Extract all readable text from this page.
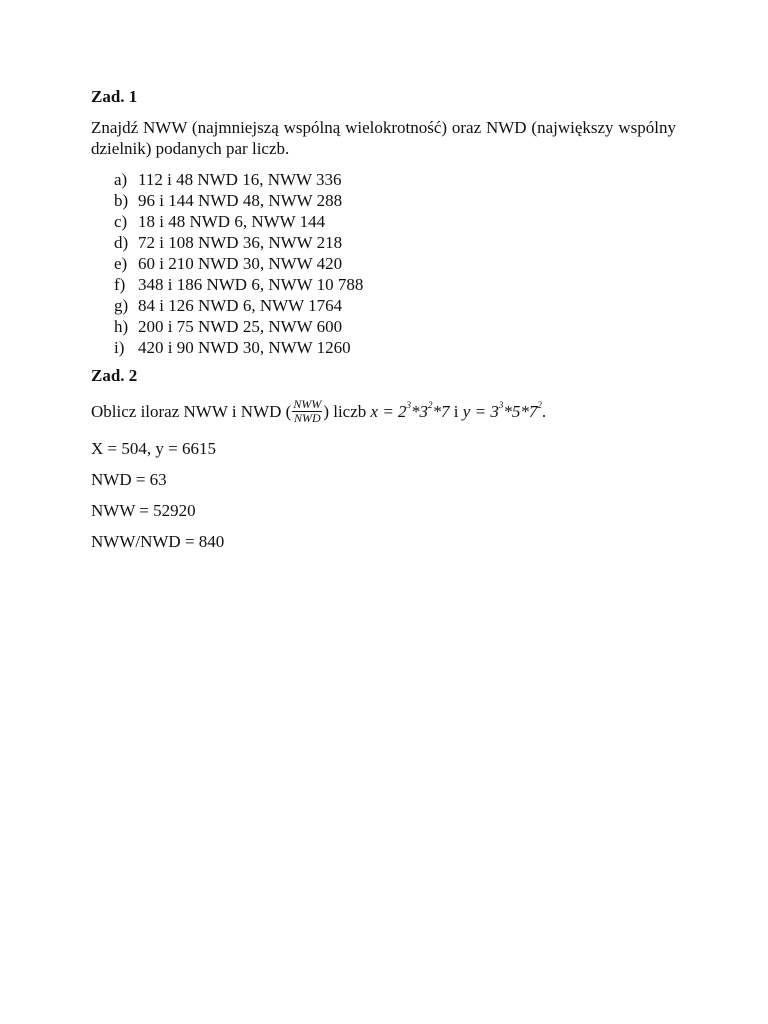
Zad. 1

Znajdź NWW (najmniejszą wspólną wielokrotność) oraz NWD (największy wspólny dzielnik) podanych par liczb.

a) 112 i 48 NWD 16, NWW 336
b) 96 i 144 NWD 48, NWW 288
c) 18 i 48 NWD 6, NWW 144
d) 72 i 108 NWD 36, NWW 218
e) 60 i 210 NWD 30, NWW 420
f) 348 i 186 NWD 6, NWW 10 788
g) 84 i 126 NWD 6, NWW 1764
h) 200 i 75 NWD 25, NWW 600
i) 420 i 90 NWD 30, NWW 1260
Zad. 2
Oblicz iloraz NWW i NWD ( $\frac{\text{NWW}}{\text{NWD}}$ ) liczb $x = 2^3*3^2*7$ i $y = 3^3*5*7^2$ .
X = 504, y = 6615
NWD = 63
NWW = 52920
NWW/NWD = 840
